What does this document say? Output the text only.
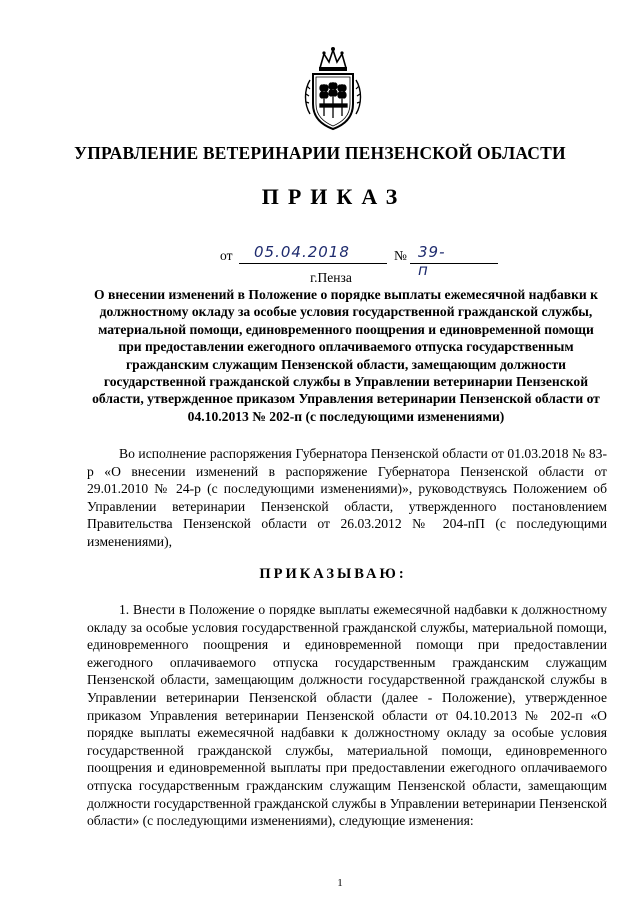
УПРАВЛЕНИЕ ВЕТЕРИНАРИИ ПЕНЗЕНСКОЙ ОБЛАСТИ
ПРИКАЗ
от 05.04.2018	№ 39-п
г.Пенза
О внесении изменений в Положение о порядке выплаты ежемесячной надбавки к должностному окладу за особые условия государственной гражданской службы, материальной помощи, единовременного поощрения и единовременной помощи при предоставлении ежегодного оплачиваемого отпуска государственным гражданским служащим Пензенской области, замещающим должности государственной гражданской службы в Управлении ветеринарии Пензенской области, утвержденное приказом Управления ветеринарии Пензенской области от 04.10.2013 № 202-п (с последующими изменениями)
Во исполнение распоряжения Губернатора Пензенской области от 01.03.2018 № 83-р «О внесении изменений в распоряжение Губернатора Пензенской области от 29.01.2010 № 24-р (с последующими изменениями)», руководствуясь Положением об Управлении ветеринарии Пензенской области, утвержденного постановлением Правительства Пензенской области от 26.03.2012 № 204-пП (с последующими изменениями),
ПРИКАЗЫВАЮ:
1. Внести в Положение о порядке выплаты ежемесячной надбавки к должностному окладу за особые условия государственной гражданской службы, материальной помощи, единовременного поощрения и единовременной помощи при предоставлении ежегодного оплачиваемого отпуска государственным гражданским служащим Пензенской области, замещающим должности государственной гражданской службы в Управлении ветеринарии Пензенской области (далее - Положение), утвержденное приказом Управления ветеринарии Пензенской области от 04.10.2013 № 202-п «О порядке выплаты ежемесячной надбавки к должностному окладу за особые условия государственной гражданской службы, материальной помощи, единовременного поощрения и единовременной выплаты при предоставлении ежегодного оплачиваемого отпуска государственным гражданским служащим Пензенской области, замещающим должности государственной гражданской службы в Управлении ветеринарии Пензенской области» (с последующими изменениями), следующие изменения:
1
